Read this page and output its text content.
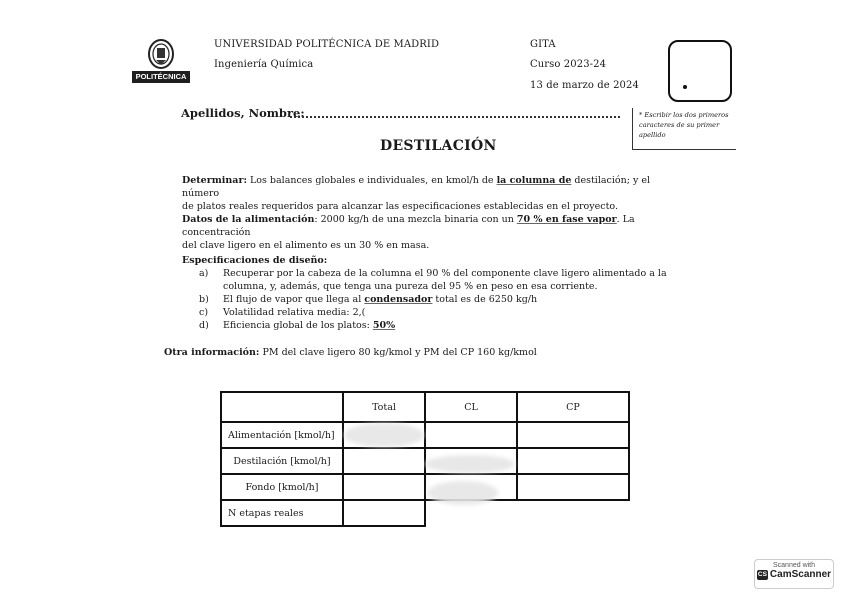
POLITÉCNICA
UNIVERSIDAD POLITÉCNICA DE MADRID
Ingeniería Química
GITA
Curso 2023-24
13 de marzo de 2024
Apellidos, Nombre:	* Escribir los dos primeros
caracteres de su primer
apellido
DESTILACIÓN
Determinar: Los balances globales e individuales, en kmol/h de la columna de destilación; y el número
de platos reales requeridos para alcanzar las especificaciones establecidas en el proyecto.
Datos de la alimentación: 2000 kg/h de una mezcla binaria con un 70 % en fase vapor. La concentración
del clave ligero en el alimento es un 30 % en masa.
Especificaciones de diseño:
a) Recuperar por la cabeza de la columna el 90 % del componente clave ligero alimentado a la
columna, y, además, que tenga una pureza del 95 % en peso en esa corriente.
b) El flujo de vapor que llega al condensador total es de 6250 kg/h
c) Volatilidad relativa media: 2,(
d) Eficiencia global de los platos: 50%
Otra información: PM del clave ligero 80 kg/kmol y PM del CP 160 kg/kmol
	Total	CL	CP
Alimentación [kmol/h]			
Destilación [kmol/h]			
Fondo [kmol/h]			
N etapas reales			
Scanned with
CS CamScanner
